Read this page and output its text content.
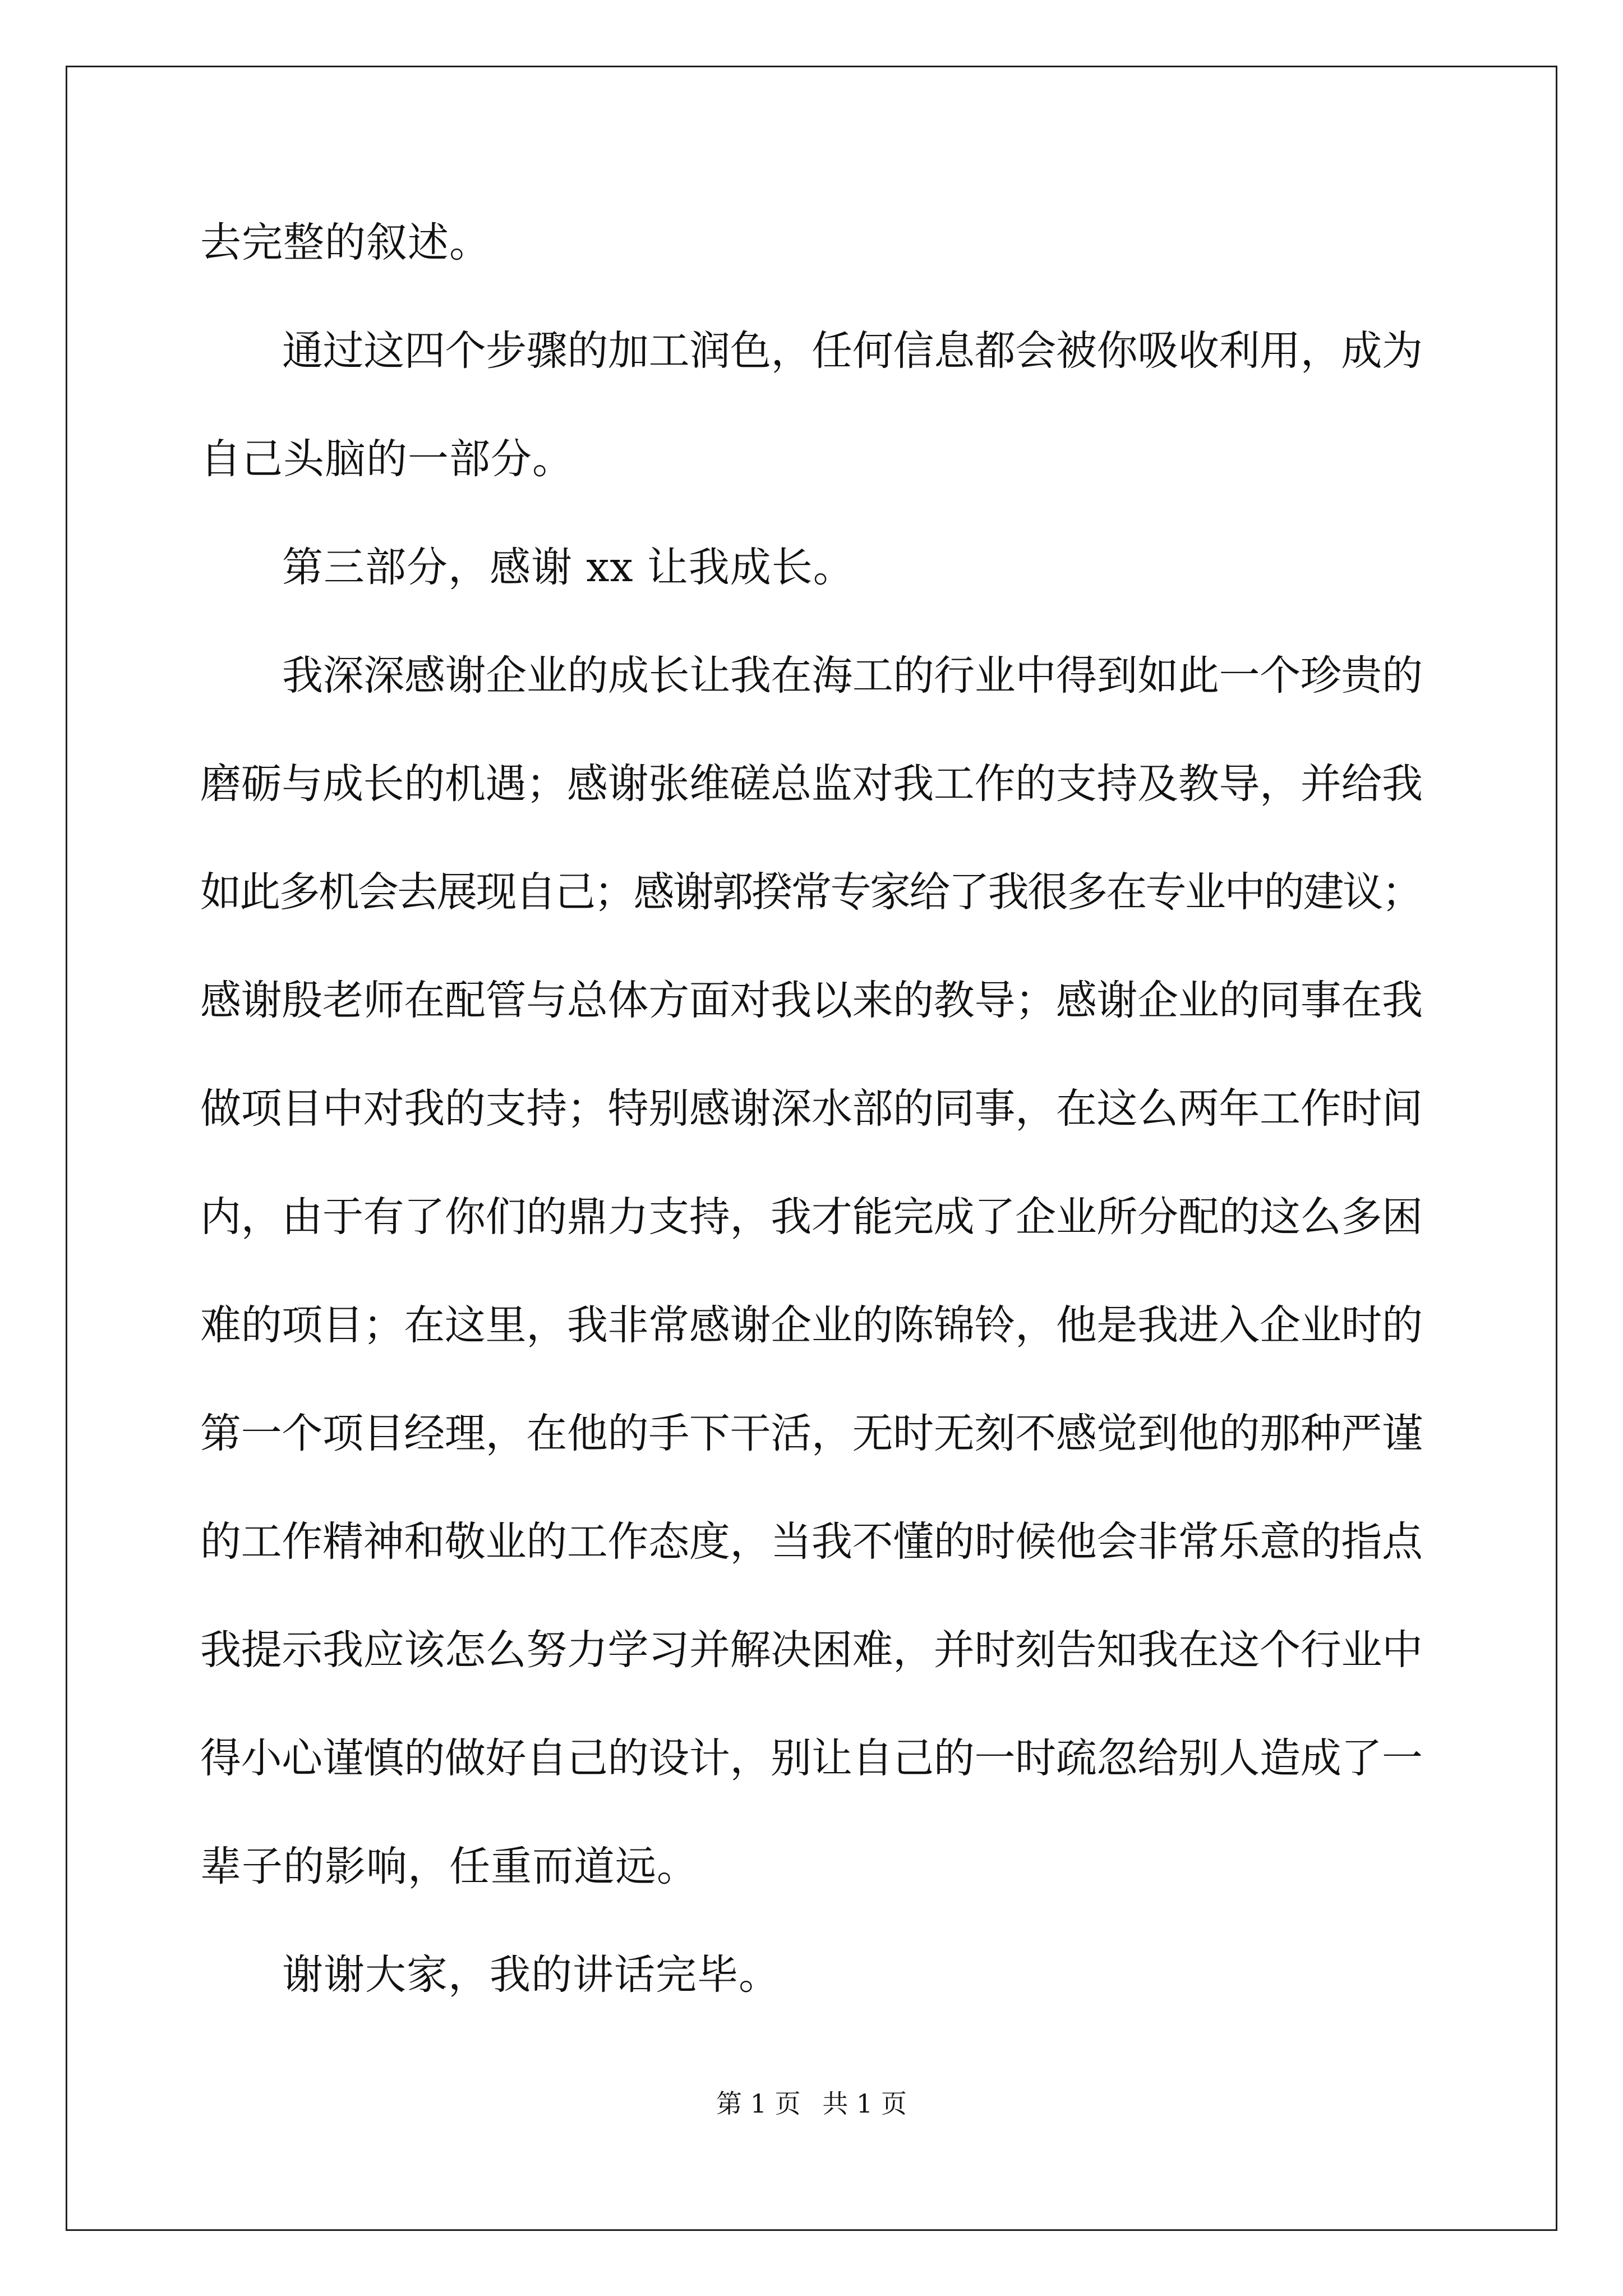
去完整的叙述。
通过这四个步骤的加工润色，任何信息都会被你吸收利用，成为
自己头脑的一部分。
第三部分，感谢 xx 让我成长。
我深深感谢企业的成长让我在海工的行业中得到如此一个珍贵的
磨砺与成长的机遇；感谢张维磋总监对我工作的支持及教导，并给我
如此多机会去展现自己；感谢郭揆常专家给了我很多在专业中的建议；
感谢殷老师在配管与总体方面对我以来的教导；感谢企业的同事在我
做项目中对我的支持；特别感谢深水部的同事，在这么两年工作时间
内，由于有了你们的鼎力支持，我才能完成了企业所分配的这么多困
难的项目；在这里，我非常感谢企业的陈锦铃，他是我进入企业时的
第一个项目经理，在他的手下干活，无时无刻不感觉到他的那种严谨
的工作精神和敬业的工作态度，当我不懂的时候他会非常乐意的指点
我提示我应该怎么努力学习并解决困难，并时刻告知我在这个行业中
得小心谨慎的做好自己的设计，别让自己的一时疏忽给别人造成了一
辈子的影响，任重而道远。
谢谢大家，我的讲话完毕。
第 1 页 共 1 页
